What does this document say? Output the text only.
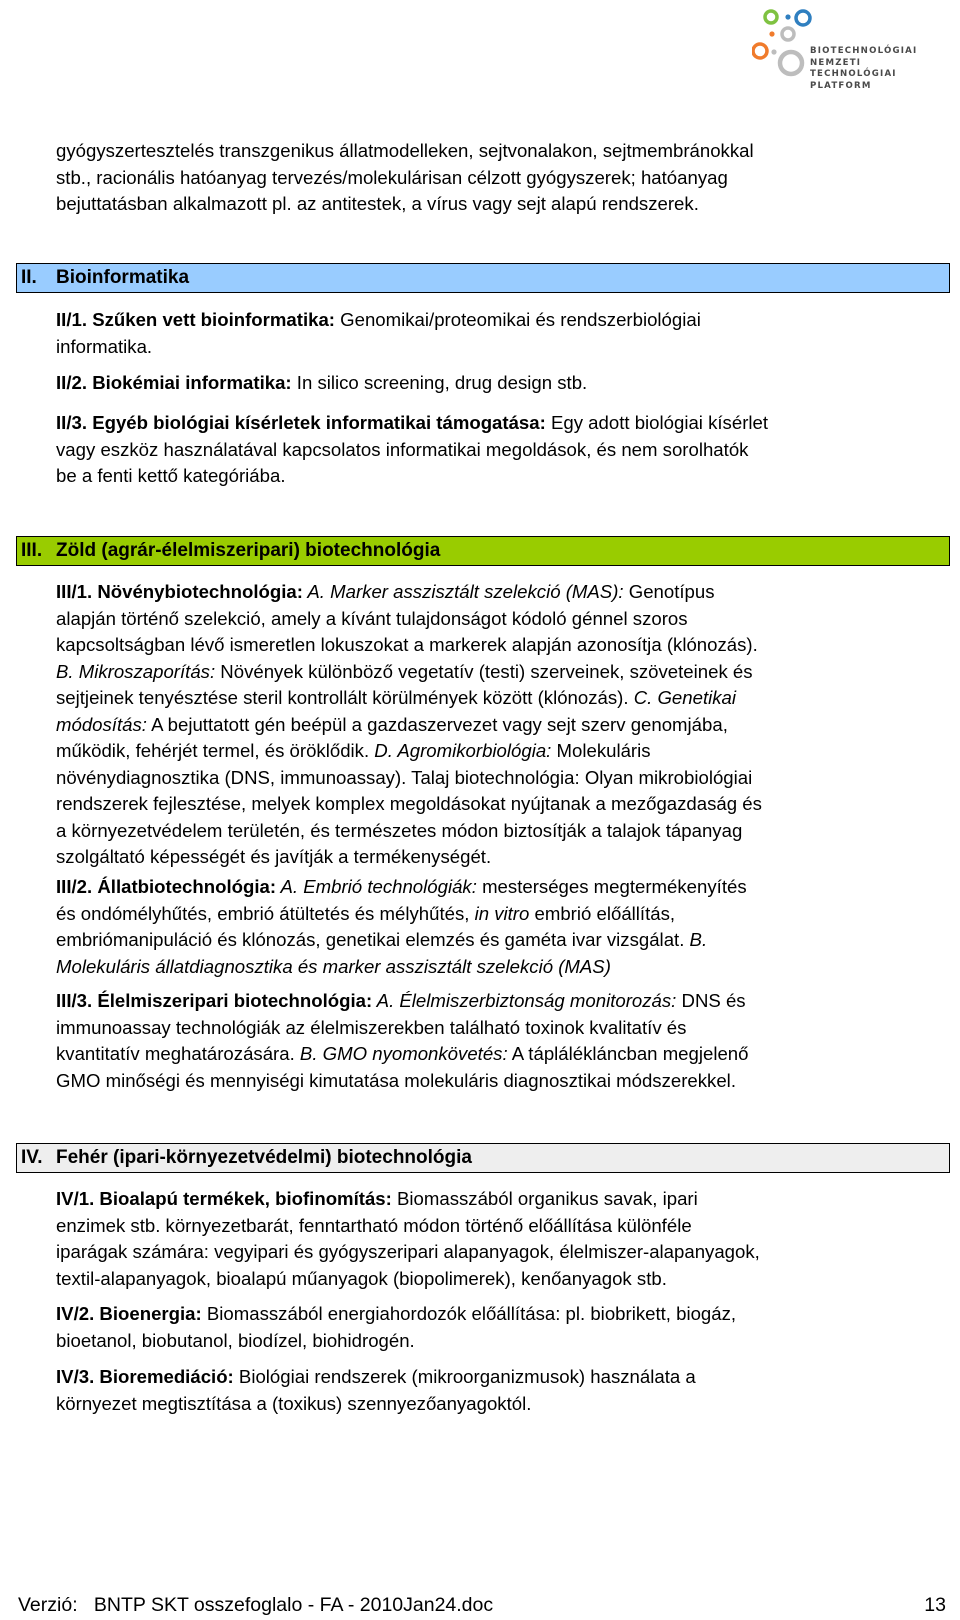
BIOTECHNOLÓGIAI
NEMZETI
TECHNOLÓGIAI
PLATFORM

gyógyszertesztelés transzgenikus állatmodelleken, sejtvonalakon, sejtmembránokkal
stb., racionális hatóanyag tervezés/molekulárisan célzott gyógyszerek; hatóanyag
bejuttatásban alkalmazott pl. az antitestek, a vírus vagy sejt alapú rendszerek.

II. Bioinformatika

II/1. Szűken vett bioinformatika: Genomikai/proteomikai és rendszerbiológiai
informatika.

II/2. Biokémiai informatika: In silico screening, drug design stb.

II/3. Egyéb biológiai kísérletek informatikai támogatása: Egy adott biológiai kísérlet
vagy eszköz használatával kapcsolatos informatikai megoldások, és nem sorolhatók
be a fenti kettő kategóriába.

III. Zöld (agrár-élelmiszeripari) biotechnológia

III/1. Növénybiotechnológia: A. Marker asszisztált szelekció (MAS): Genotípus
alapján történő szelekció, amely a kívánt tulajdonságot kódoló génnel szoros
kapcsoltságban lévő ismeretlen lokuszokat a markerek alapján azonosítja (klónozás).
B. Mikroszaporítás: Növények különböző vegetatív (testi) szerveinek, szöveteinek és
sejtjeinek tenyésztése steril kontrollált körülmények között (klónozás). C. Genetikai
módosítás: A bejuttatott gén beépül a gazdaszervezet vagy sejt szerv genomjába,
működik, fehérjét termel, és öröklődik. D. Agromikorbiológia: Molekuláris
növénydiagnosztika (DNS, immunoassay). Talaj biotechnológia: Olyan mikrobiológiai
rendszerek fejlesztése, melyek komplex megoldásokat nyújtanak a mezőgazdaság és
a környezetvédelem területén, és természetes módon biztosítják a talajok tápanyag
szolgáltató képességét és javítják a termékenységét.

III/2. Állatbiotechnológia: A. Embrió technológiák: mesterséges megtermékenyítés
és ondómélyhűtés, embrió átültetés és mélyhűtés, in vitro embrió előállítás,
embriómanipuláció és klónozás, genetikai elemzés és gaméta ivar vizsgálat. B.
Molekuláris állatdiagnosztika és marker asszisztált szelekció (MAS)

III/3. Élelmiszeripari biotechnológia: A. Élelmiszerbiztonság monitorozás: DNS és
immunoassay technológiák az élelmiszerekben található toxinok kvalitatív és
kvantitatív meghatározására. B. GMO nyomonkövetés: A táplálékláncban megjelenő
GMO minőségi és mennyiségi kimutatása molekuláris diagnosztikai módszerekkel.

IV. Fehér (ipari-környezetvédelmi) biotechnológia

IV/1. Bioalapú termékek, biofinomítás: Biomasszából organikus savak, ipari
enzimek stb. környezetbarát, fenntartható módon történő előállítása különféle
iparágak számára: vegyipari és gyógyszeripari alapanyagok, élelmiszer-alapanyagok,
textil-alapanyagok, bioalapú műanyagok (biopolimerek), kenőanyagok stb.

IV/2. Bioenergia: Biomasszából energiahordozók előállítása: pl. biobrikett, biogáz,
bioetanol, biobutanol, biodízel, biohidrogén.

IV/3. Bioremediáció: Biológiai rendszerek (mikroorganizmusok) használata a
környezet megtisztítása a (toxikus) szennyezőanyagoktól.

Verzió:   BNTP SKT osszefoglalo - FA - 2010Jan24.doc	13
